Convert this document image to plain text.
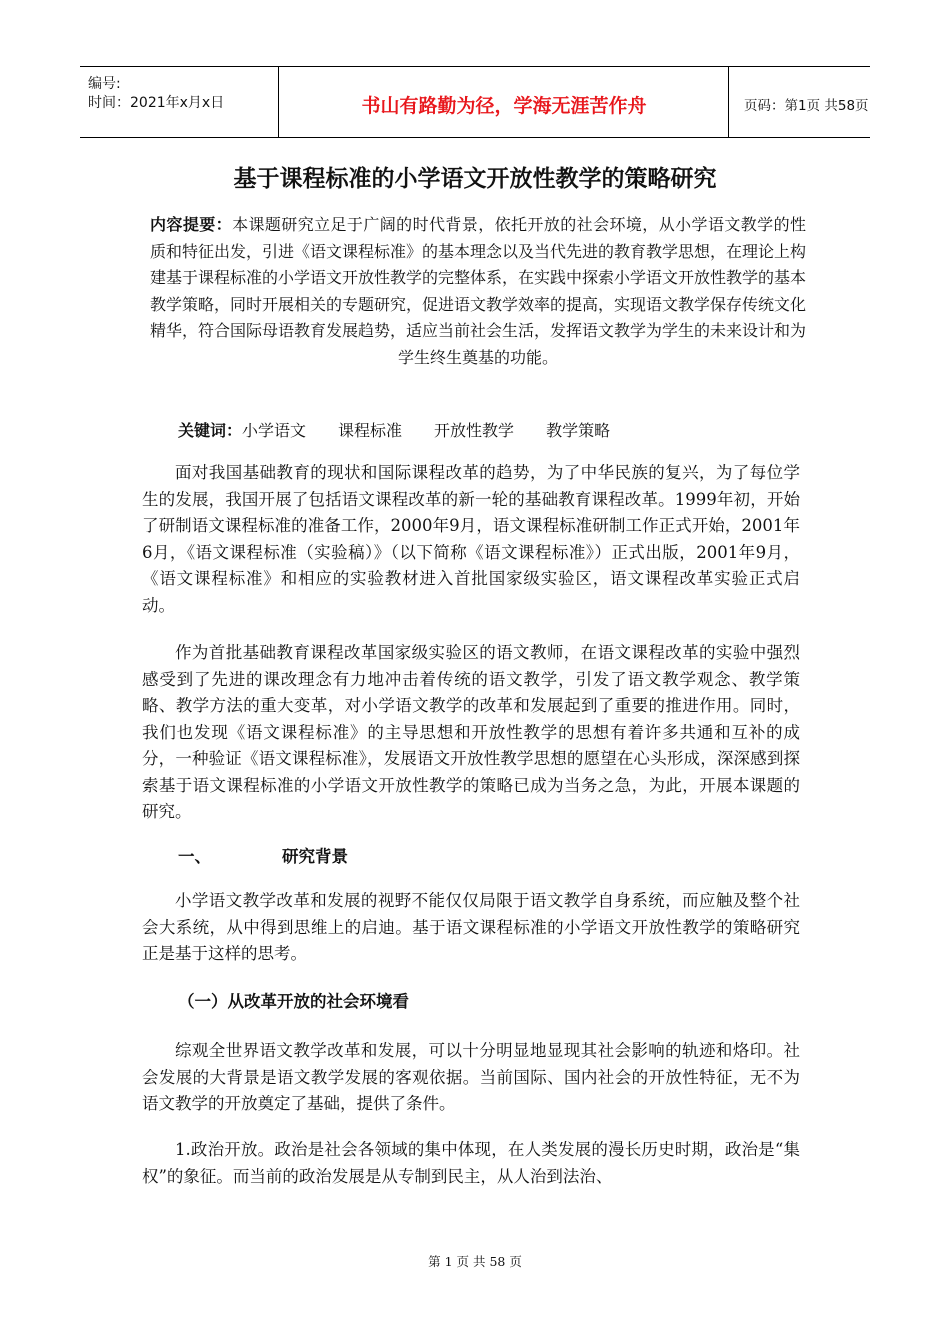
编号:
时间：2021年x月x日	书山有路勤为径，学海无涯苦作舟	页码：第1页 共58页
基于课程标准的小学语文开放性教学的策略研究
内容提要：本课题研究立足于广阔的时代背景，依托开放的社会环境，从小学语文教学的性质和特征出发，引进《语文课程标准》的基本理念以及当代先进的教育教学思想，在理论上构建基于课程标准的小学语文开放性教学的完整体系，在实践中探索小学语文开放性教学的基本教学策略，同时开展相关的专题研究，促进语文教学效率的提高，实现语文教学保存传统文化精华，符合国际母语教育发展趋势，适应当前社会生活，发挥语文教学为学生的未来设计和为学生终生奠基的功能。
关键词：小学语文 课程标准 开放性教学 教学策略

面对我国基础教育的现状和国际课程改革的趋势，为了中华民族的复兴，为了每位学生的发展，我国开展了包括语文课程改革的新一轮的基础教育课程改革。1999年初，开始了研制语文课程标准的准备工作，2000年9月，语文课程标准研制工作正式开始，2001年6月，《语文课程标准（实验稿）》（以下简称《语文课程标准》）正式出版，2001年9月，《语文课程标准》和相应的实验教材进入首批国家级实验区，语文课程改革实验正式启动。

作为首批基础教育课程改革国家级实验区的语文教师，在语文课程改革的实验中强烈感受到了先进的课改理念有力地冲击着传统的语文教学，引发了语文教学观念、教学策略、教学方法的重大变革，对小学语文教学的改革和发展起到了重要的推进作用。同时，我们也发现《语文课程标准》的主导思想和开放性教学的思想有着许多共通和互补的成分，一种验证《语文课程标准》，发展语文开放性教学思想的愿望在心头形成，深深感到探索基于语文课程标准的小学语文开放性教学的策略已成为当务之急，为此，开展本课题的研究。

一、	研究背景

小学语文教学改革和发展的视野不能仅仅局限于语文教学自身系统，而应触及整个社会大系统，从中得到思维上的启迪。基于语文课程标准的小学语文开放性教学的策略研究正是基于这样的思考。

（一）从改革开放的社会环境看

综观全世界语文教学改革和发展，可以十分明显地显现其社会影响的轨迹和烙印。社会发展的大背景是语文教学发展的客观依据。当前国际、国内社会的开放性特征，无不为语文教学的开放奠定了基础，提供了条件。

1.政治开放。政治是社会各领域的集中体现，在人类发展的漫长历史时期，政治是“集权”的象征。而当前的政治发展是从专制到民主，从人治到法治、

第 1 页 共 58 页
